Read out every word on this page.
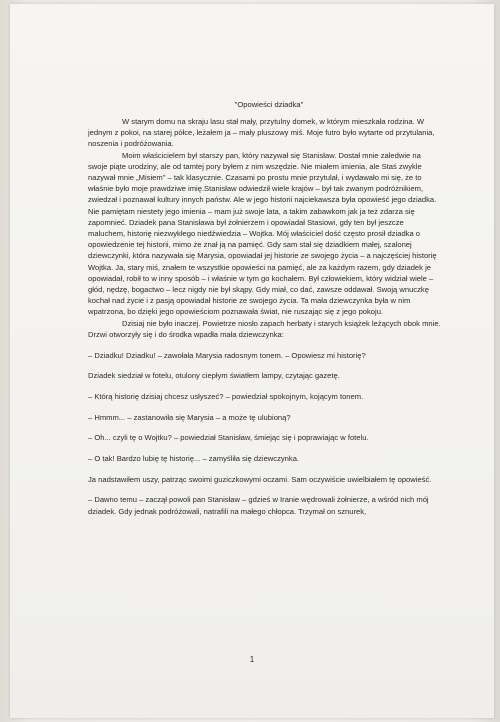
"Opowieści dziadka"

W starym domu na skraju lasu stał mały, przytulny domek, w którym mieszkała rodzina. W jednym z pokoi, na starej półce, leżałem ja – mały pluszowy miś. Moje futro było wytarte od przytulania, noszenia i podróżowania.

Moim właścicielem był starszy pan, który nazywał się Stanisław. Dostał mnie zaledwie na swoje piąte urodziny, ale od tamtej pory byłem z nim wszędzie. Nie miałem imienia, ale Staś zwykle nazywał mnie „Misiem" – tak klasycznie. Czasami po prostu mnie przytulał, i wydawało mi się, że to właśnie było moje prawdziwe imię.Stanisław odwiedził wiele krajów – był tak zwanym podróżnikiem, zwiedzał i poznawał kultury innych państw. Ale w jego historii najciekawsza była opowieść jego dziadka. Nie pamiętam niestety jego imienia – mam już swoje lata, a takim zabawkom jak ja też zdarza się zapomnieć. Dziadek pana Stanisława był żołnierzem i opowiadał Stasiowi, gdy ten był jeszcze maluchem, historię niezwykłego niedźwiedzia – Wojtka. Mój właściciel dość często prosił dziadka o opowiedzenie tej historii, mimo że znał ją na pamięć. Gdy sam stał się dziadkiem małej, szalonej dziewczynki, która nazywała się Marysia, opowiadał jej historie ze swojego życia – a najczęściej historię Wojtka. Ja, stary miś, znałem te wszystkie opowieści na pamięć, ale za każdym razem, gdy dziadek je opowiadał, robił to w inny sposób – i właśnie w tym go kochałem. Był człowiekiem, który widział wiele – głód, nędzę, bogactwo – lecz nigdy nie był skąpy. Gdy miał, co dać, zawsze oddawał. Swoją wnuczkę kochał nad życie i z pasją opowiadał historie ze swojego życia. Ta mała dziewczynka była w nim wpatrzona, bo dzięki jego opowieściom poznawała świat, nie ruszając się z jego pokoju.

Dzisiaj nie było inaczej. Powietrze niosło zapach herbaty i starych książek leżących obok mnie. Drzwi otworzyły się i do środka wpadła mała dziewczynka:

– Dziadku! Dziadku! – zawołała Marysia radosnym tonem. – Opowiesz mi historię?

Dziadek siedział w fotelu, otulony ciepłym światłem lampy, czytając gazetę.

– Którą historię dzisiaj chcesz usłyszeć? – powiedział spokojnym, kojącym tonem.

– Hmmm... – zastanowiła się Marysia – a może tę ulubioną?

– Oh... czyli tę o Wojtku? – powiedział Stanisław, śmiejąc się i poprawiając w fotelu.

– O tak! Bardzo lubię tę historię... – zamyśliła się dziewczynka.

Ja nadstawiłem uszy, patrząc swoimi guziczkowymi oczami. Sam oczywiście uwielbiałem tę opowieść.

– Dawno temu – zaczął powoli pan Stanisław – gdzieś w Iranie wędrowali żołnierze, a wśród nich mój dziadek. Gdy jednak podróżowali, natrafili na małego chłopca. Trzymał on sznurek,

1
